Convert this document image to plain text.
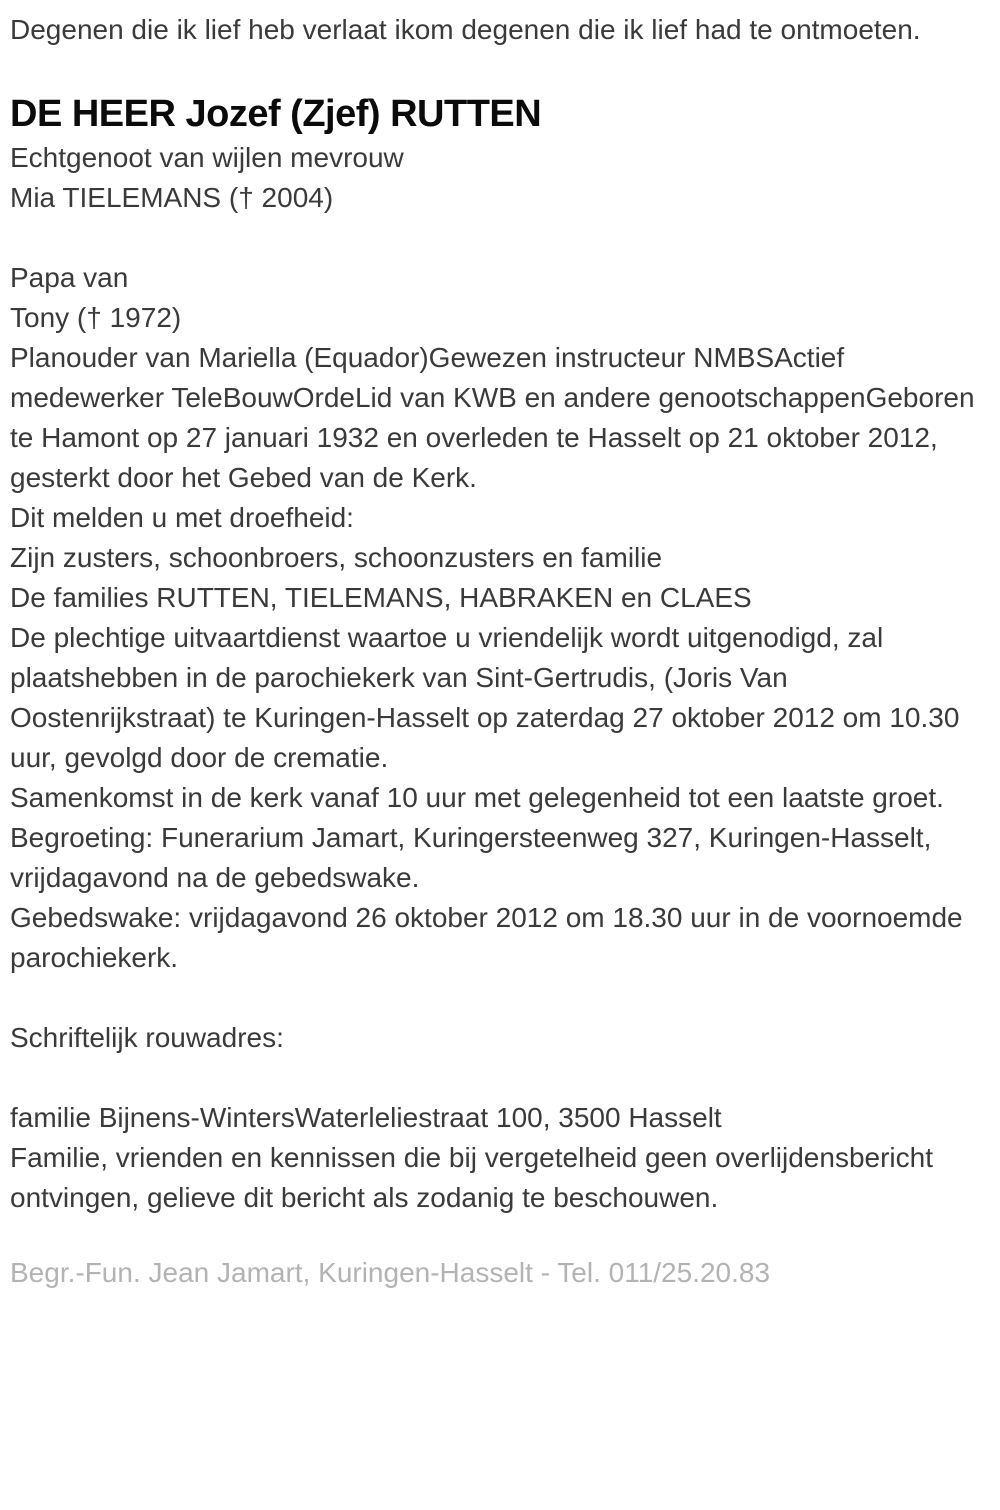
Degenen die ik lief heb verlaat ikom degenen die ik lief had te ontmoeten.

DE HEER Jozef (Zjef) RUTTEN
Echtgenoot van wijlen mevrouw
Mia TIELEMANS († 2004)
Papa van
Tony († 1972)

Planouder van Mariella (Equador)Gewezen instructeur NMBSActief medewerker TeleBouwOrdeLid van KWB en andere genootschappenGeboren te Hamont op 27 januari 1932 en overleden te Hasselt op 21 oktober 2012, gesterkt door het Gebed van de Kerk.

Dit melden u met droefheid:
Zijn zusters, schoonbroers, schoonzusters en familie
De families RUTTEN, TIELEMANS, HABRAKEN en CLAES

De plechtige uitvaartdienst waartoe u vriendelijk wordt uitgenodigd, zal plaatshebben in de parochiekerk van Sint-Gertrudis, (Joris Van Oostenrijkstraat) te Kuringen-Hasselt op zaterdag 27 oktober 2012 om 10.30 uur, gevolgd door de crematie.

Samenkomst in de kerk vanaf 10 uur met gelegenheid tot een laatste groet.

Begroeting: Funerarium Jamart, Kuringersteenweg 327, Kuringen-Hasselt, vrijdagavond na de gebedswake.

Gebedswake: vrijdagavond 26 oktober 2012 om 18.30 uur in de voornoemde parochiekerk.

Schriftelijk rouwadres:
familie Bijnens-WintersWaterleliestraat 100, 3500 Hasselt

Familie, vrienden en kennissen die bij vergetelheid geen overlijdensbericht ontvingen, gelieve dit bericht als zodanig te beschouwen.

Begr.-Fun. Jean Jamart, Kuringen-Hasselt - Tel. 011/25.20.83
